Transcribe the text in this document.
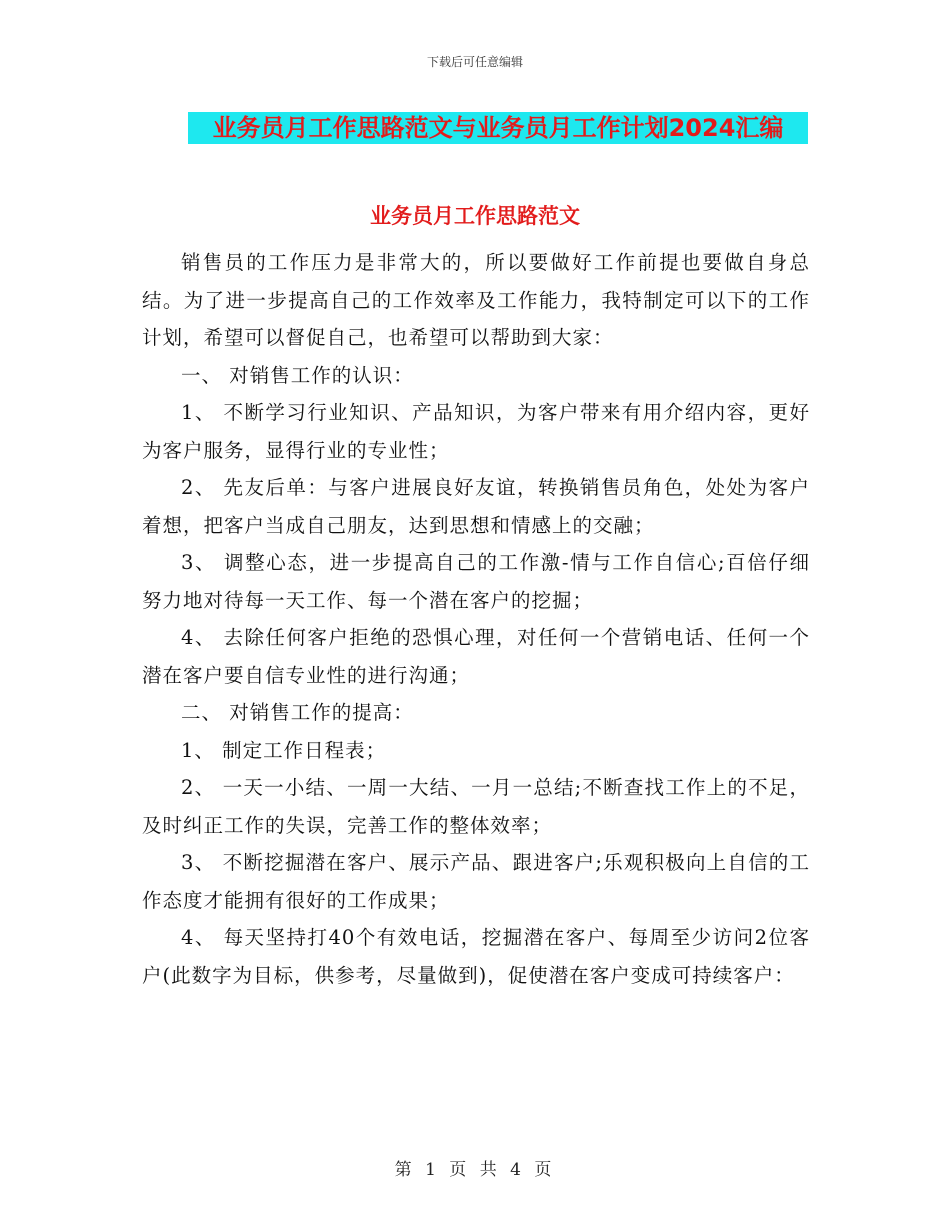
下载后可任意编辑
业务员月工作思路范文与业务员月工作计划2024汇编
业务员月工作思路范文

销售员的工作压力是非常大的，所以要做好工作前提也要做自身总结。为了进一步提高自己的工作效率及工作能力，我特制定可以下的工作计划，希望可以督促自己，也希望可以帮助到大家：

一、 对销售工作的认识：

1、 不断学习行业知识、产品知识，为客户带来有用介绍内容，更好为客户服务，显得行业的专业性；

2、 先友后单：与客户进展良好友谊，转换销售员角色，处处为客户着想，把客户当成自己朋友，达到思想和情感上的交融；

3、 调整心态，进一步提高自己的工作激-情与工作自信心;百倍仔细努力地对待每一天工作、每一个潜在客户的挖掘；

4、 去除任何客户拒绝的恐惧心理，对任何一个营销电话、任何一个潜在客户要自信专业性的进行沟通；

二、 对销售工作的提高：

1、 制定工作日程表；

2、 一天一小结、一周一大结、一月一总结;不断查找工作上的不足，及时纠正工作的失误，完善工作的整体效率；

3、 不断挖掘潜在客户、展示产品、跟进客户;乐观积极向上自信的工作态度才能拥有很好的工作成果；

4、 每天坚持打40个有效电话，挖掘潜在客户、每周至少访问2位客户(此数字为目标，供参考，尽量做到)，促使潜在客户变成可持续客户：

第 1 页 共 4 页
